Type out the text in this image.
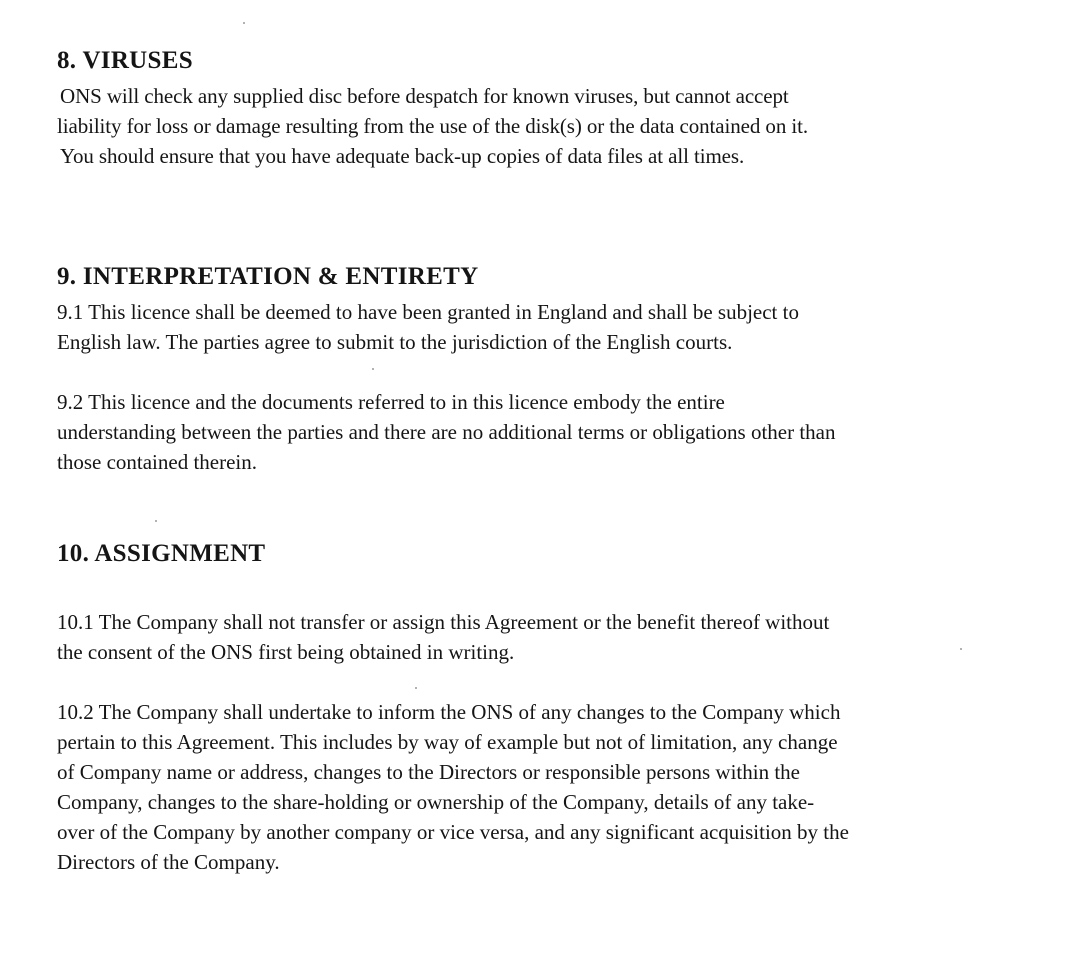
8. VIRUSES

ONS will check any supplied disc before despatch for known viruses, but cannot accept
liability for loss or damage resulting from the use of the disk(s) or the data contained on it.
You should ensure that you have adequate back-up copies of data files at all times.

9. INTERPRETATION & ENTIRETY

9.1 This licence shall be deemed to have been granted in England and shall be subject to
English law. The parties agree to submit to the jurisdiction of the English courts.

9.2 This licence and the documents referred to in this licence embody the entire
understanding between the parties and there are no additional terms or obligations other than
those contained therein.

10. ASSIGNMENT

10.1 The Company shall not transfer or assign this Agreement or the benefit thereof without
the consent of the ONS first being obtained in writing.

10.2 The Company shall undertake to inform the ONS of any changes to the Company which
pertain to this Agreement. This includes by way of example but not of limitation, any change
of Company name or address, changes to the Directors or responsible persons within the
Company, changes to the share-holding or ownership of the Company, details of any take-
over of the Company by another company or vice versa, and any significant acquisition by the
Directors of the Company.
